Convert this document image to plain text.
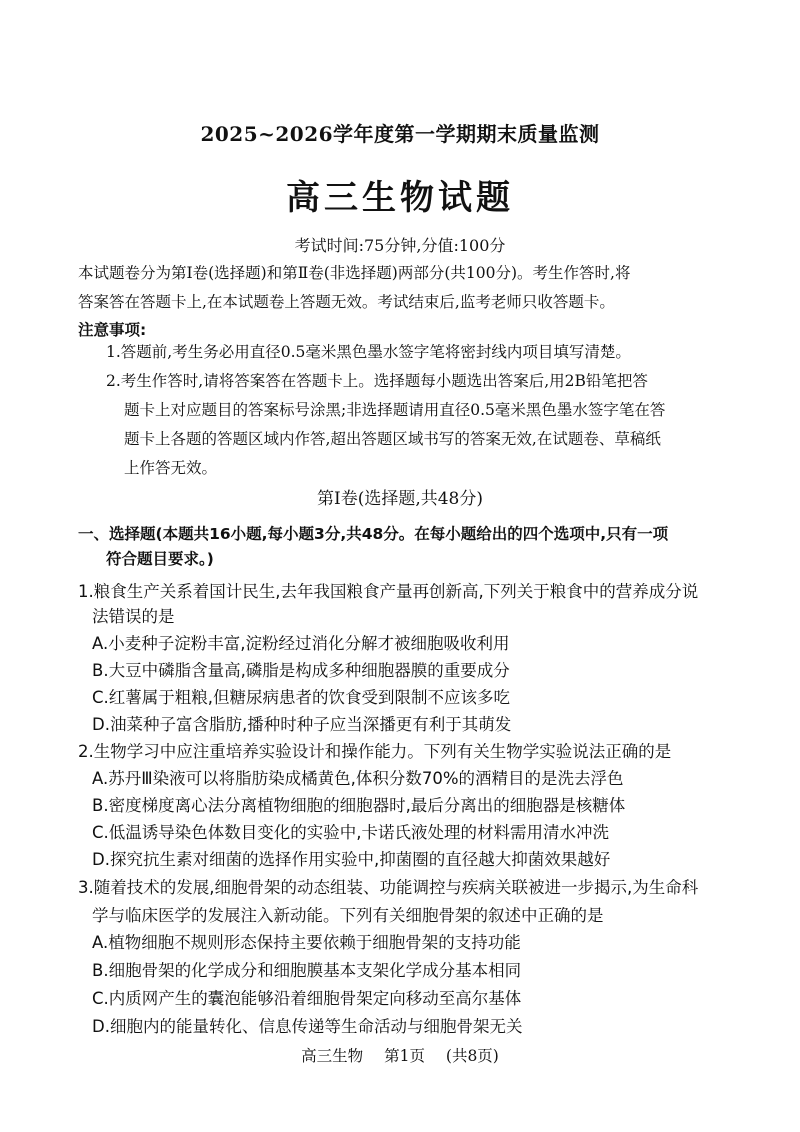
2025~2026学年度第一学期期末质量监测
高三生物试题
考试时间:75分钟,分值:100分
本试题卷分为第Ⅰ卷(选择题)和第Ⅱ卷(非选择题)两部分(共100分)。考生作答时,将
答案答在答题卡上,在本试题卷上答题无效。考试结束后,监考老师只收答题卡。
注意事项:
1.答题前,考生务必用直径0.5毫米黑色墨水签字笔将密封线内项目填写清楚。
2.考生作答时,请将答案答在答题卡上。选择题每小题选出答案后,用2B铅笔把答
题卡上对应题目的答案标号涂黑;非选择题请用直径0.5毫米黑色墨水签字笔在答
题卡上各题的答题区域内作答,超出答题区域书写的答案无效,在试题卷、草稿纸
上作答无效。
第Ⅰ卷(选择题,共48分)
一、选择题(本题共16小题,每小题3分,共48分。在每小题给出的四个选项中,只有一项
符合题目要求。)
1.粮食生产关系着国计民生,去年我国粮食产量再创新高,下列关于粮食中的营养成分说
法错误的是
A.小麦种子淀粉丰富,淀粉经过消化分解才被细胞吸收利用
B.大豆中磷脂含量高,磷脂是构成多种细胞器膜的重要成分
C.红薯属于粗粮,但糖尿病患者的饮食受到限制不应该多吃
D.油菜种子富含脂肪,播种时种子应当深播更有利于其萌发
2.生物学习中应注重培养实验设计和操作能力。下列有关生物学实验说法正确的是
A.苏丹Ⅲ染液可以将脂肪染成橘黄色,体积分数70%的酒精目的是洗去浮色
B.密度梯度离心法分离植物细胞的细胞器时,最后分离出的细胞器是核糖体
C.低温诱导染色体数目变化的实验中,卡诺氏液处理的材料需用清水冲洗
D.探究抗生素对细菌的选择作用实验中,抑菌圈的直径越大抑菌效果越好
3.随着技术的发展,细胞骨架的动态组装、功能调控与疾病关联被进一步揭示,为生命科
学与临床医学的发展注入新动能。下列有关细胞骨架的叙述中正确的是
A.植物细胞不规则形态保持主要依赖于细胞骨架的支持功能
B.细胞骨架的化学成分和细胞膜基本支架化学成分基本相同
C.内质网产生的囊泡能够沿着细胞骨架定向移动至高尔基体
D.细胞内的能量转化、信息传递等生命活动与细胞骨架无关
高三生物 第1页 (共8页)
